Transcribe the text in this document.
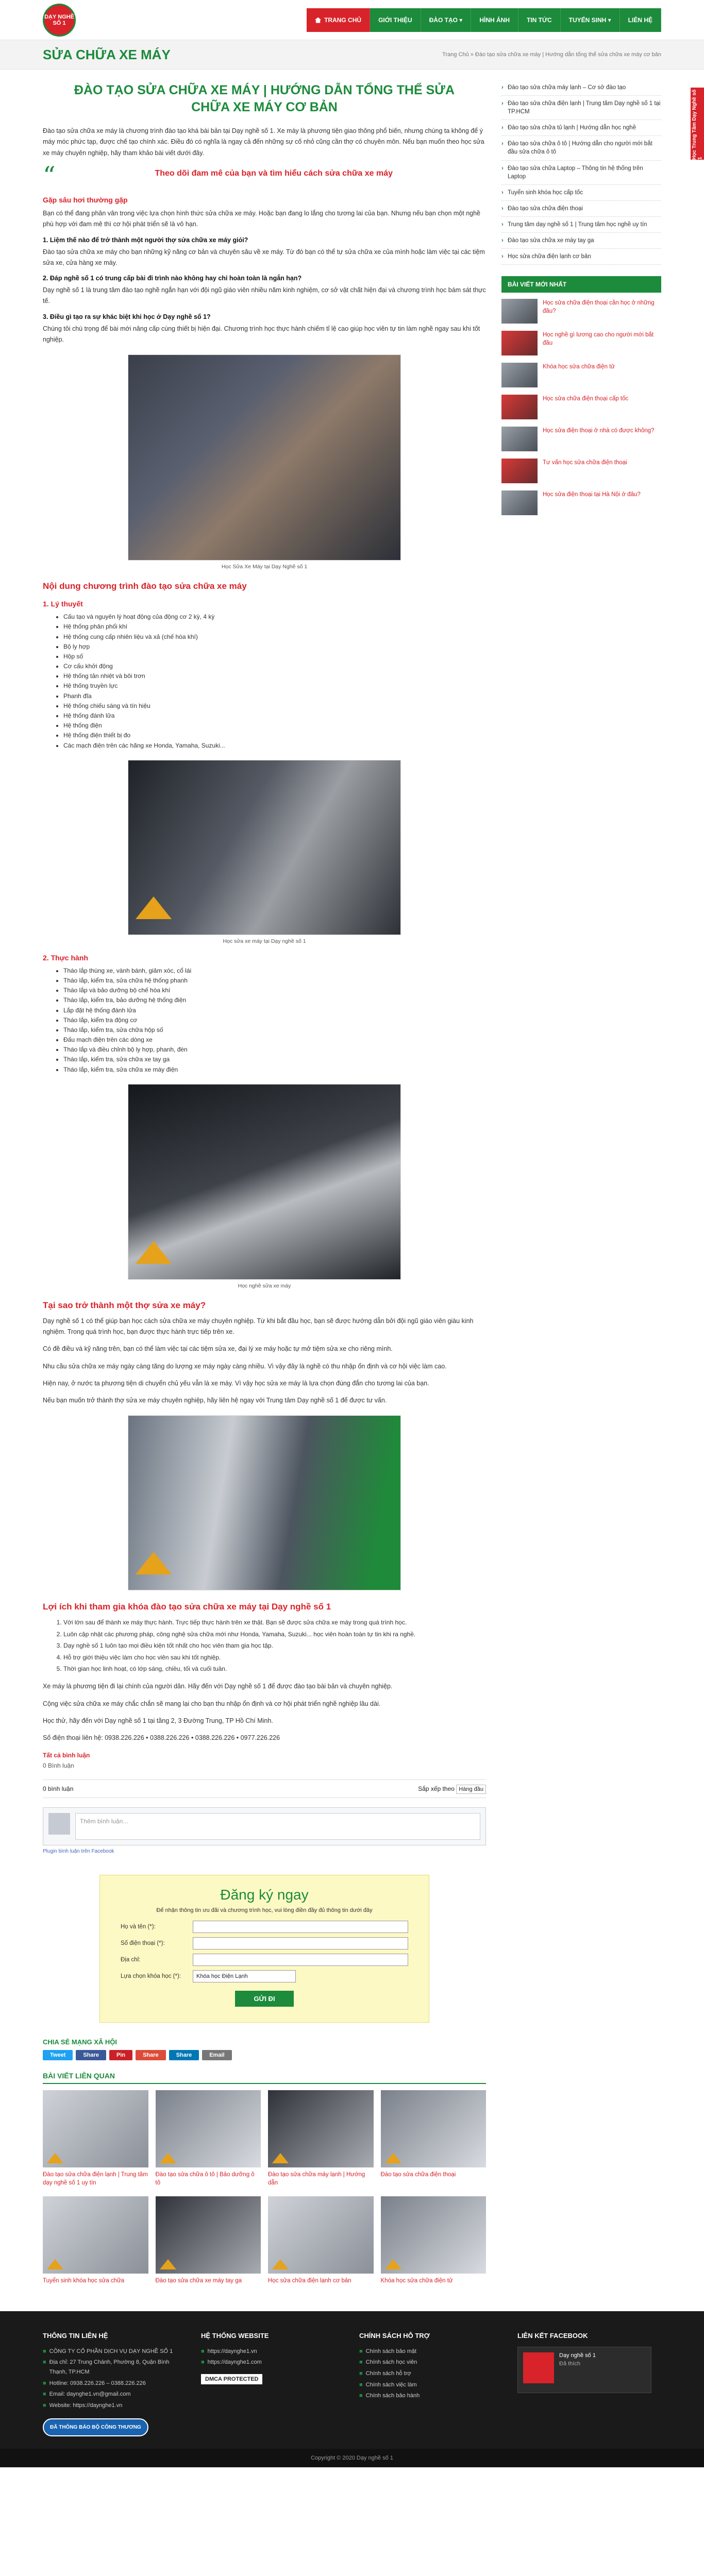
Học Trung Tâm Dạy Nghề số 1
DẠY NGHỀ SỐ 1	TRANG CHỦ	GIỚI THIỆU	ĐÀO TẠO ▾	HÌNH ẢNH	TIN TỨC	TUYỂN SINH ▾	LIÊN HỆ
SỬA CHỮA XE MÁY	Trang Chủ » Đào tạo sửa chữa xe máy | Hướng dẫn tổng thể sửa chữa xe máy cơ bản
ĐÀO TẠO SỬA CHỮA XE MÁY | HƯỚNG DẪN TỔNG THỂ SỬA CHỮA XE MÁY CƠ BẢN

Đào tạo sửa chữa xe máy là chương trình đào tạo khá bài bản tại Dạy nghề số 1. Xe máy là phương tiện giao thông phổ biến, nhưng chúng ta không để ý máy móc phức tạp, được chế tạo chính xác. Điều đó có nghĩa là ngay cả đến những sự cố nhỏ cũng cần thợ có chuyên môn. Nếu bạn muốn theo học sửa xe máy chuyên nghiệp, hãy tham khảo bài viết dưới đây.

“	Theo dõi đam mê của bạn và tìm hiểu cách sửa chữa xe máy
Gặp sâu hơi thường gặp

Bạn có thể đang phân vân trong việc lựa chọn hình thức sửa chữa xe máy. Hoặc bạn đang lo lắng cho tương lai của bạn. Nhưng nếu bạn chọn một nghề phù hợp với đam mê thì cơ hội phát triển sẽ là vô hạn.

1. Liệm thế nào để trở thành một người thợ sửa chữa xe máy giỏi?

Đào tạo sửa chữa xe máy cho bạn những kỹ năng cơ bản và chuyên sâu về xe máy. Từ đó bạn có thể tự sửa chữa xe của mình hoặc làm việc tại các tiệm sửa xe, cửa hàng xe máy.

2. Đáp nghề số 1 có trung cấp bài đi trình nào không hay chỉ hoàn toàn là ngắn hạn?

Dạy nghề số 1 là trung tâm đào tạo nghề ngắn hạn với đội ngũ giáo viên nhiều năm kinh nghiệm, cơ sở vật chất hiện đại và chương trình học bám sát thực tế.

3. Điều gì tạo ra sự khác biệt khi học ở Dạy nghề số 1?

Chúng tôi chú trọng để bài mới nâng cấp cùng thiết bị hiện đại. Chương trình học thực hành chiếm tỉ lệ cao giúp học viên tự tin làm nghề ngay sau khi tốt nghiệp.

Học Sửa Xe Máy tại Dạy Nghề số 1
Nội dung chương trình đào tạo sửa chữa xe máy
1. Lý thuyết
• Cấu tạo và nguyên lý hoạt động của động cơ 2 kỳ, 4 kỳ
• Hệ thống phân phối khí
• Hệ thống cung cấp nhiên liệu và xả (chế hòa khí)
• Bộ ly hợp
• Hộp số
• Cơ cấu khởi động
• Hệ thống tản nhiệt và bôi trơn
• Hệ thống truyền lực
• Phanh đĩa
• Hệ thống chiếu sáng và tín hiệu
• Hệ thống đánh lửa
• Hệ thống điện
• Hệ thống điện thiết bị đo
• Các mạch điện trên các hãng xe Honda, Yamaha, Suzuki...
Học sửa xe máy tại Dạy nghề số 1
2. Thực hành
• Tháo lắp thùng xe, vành bánh, giảm xóc, cổ lái
• Tháo lắp, kiểm tra, sửa chữa hệ thống phanh
• Tháo lắp và bảo dưỡng bộ chế hòa khí
• Tháo lắp, kiểm tra, bảo dưỡng hệ thống điện
• Lắp đặt hệ thống đánh lửa
• Tháo lắp, kiểm tra động cơ
• Tháo lắp, kiểm tra, sửa chữa hộp số
• Đấu mạch điện trên các dòng xe
• Tháo lắp và điều chỉnh bộ ly hợp, phanh, đèn
• Tháo lắp, kiểm tra, sửa chữa xe tay ga
• Tháo lắp, kiểm tra, sửa chữa xe máy điện
Học nghề sửa xe máy
Tại sao trở thành một thợ sửa xe máy?

Dạy nghề số 1 có thể giúp bạn học cách sửa chữa xe máy chuyên nghiệp. Từ khi bắt đầu học, bạn sẽ được hướng dẫn bởi đội ngũ giáo viên giàu kinh nghiệm. Trong quá trình học, bạn được thực hành trực tiếp trên xe.

Có đề điều và kỹ năng trên, bạn có thể làm việc tại các tiệm sửa xe, đại lý xe máy hoặc tự mở tiệm sửa xe cho riêng mình.

Nhu cầu sửa chữa xe máy ngày càng tăng do lượng xe máy ngày càng nhiều. Vì vậy đây là nghề có thu nhập ổn định và cơ hội việc làm cao.

Hiện nay, ở nước ta phương tiện di chuyển chủ yếu vẫn là xe máy. Vì vậy học sửa xe máy là lựa chọn đúng đắn cho tương lai của bạn.

Nếu bạn muốn trở thành thợ sửa xe máy chuyên nghiệp, hãy liên hệ ngay với Trung tâm Dạy nghề số 1 để được tư vấn.

Lợi ích khi tham gia khóa đào tạo sửa chữa xe máy tại Dạy nghề số 1
1. Với lớn sau để thành xe máy thực hành. Trực tiếp thực hành trên xe thật. Bạn sẽ được sửa chữa xe máy trong quá trình học.
2. Luôn cập nhật các phương pháp, công nghệ sửa chữa mới như Honda, Yamaha, Suzuki... học viên hoàn toàn tự tin khi ra nghề.
3. Dạy nghề số 1 luôn tạo mọi điều kiện tốt nhất cho học viên tham gia học tập.
4. Hỗ trợ giới thiệu việc làm cho học viên sau khi tốt nghiệp.
5. Thời gian học linh hoạt, có lớp sáng, chiều, tối và cuối tuần.

Xe máy là phương tiện đi lại chính của người dân. Hãy đến với Dạy nghề số 1 để được đào tạo bài bản và chuyên nghiệp.

Cộng việc sửa chữa xe máy chắc chắn sẽ mang lại cho bạn thu nhập ổn định và cơ hội phát triển nghề nghiệp lâu dài.

Học thử, hãy đến với Dạy nghề số 1 tại tầng 2, 3 Đường Trung, TP Hồ Chí Minh.

Số điện thoại liên hệ: 0938.226.226 • 0388.226.226 • 0388.226.226 • 0977.226.226

Tất cả bình luận
0 Bình luận
0 bình luận	Sắp xếp theo Hàng đầu
Thêm bình luận...
Plugin bình luận trên Facebook
Đăng ký ngay
Để nhận thông tin ưu đãi và chương trình học, vui lòng điền đầy đủ thông tin dưới đây
Họ và tên (*):
Số điện thoại (*):
Địa chỉ:
Lựa chọn khóa học (*):	Khóa học Điện Lạnh
GỬI ĐI
CHIA SẺ MẠNG XÃ HỘI
Tweet	Share	Pin	Share	Share	Email
BÀI VIẾT LIÊN QUAN
Đào tạo sửa chữa điện lạnh | Trung tâm dạy nghề số 1 uy tín
Đào tạo sửa chữa ô tô | Bảo dưỡng ô tô
Đào tạo sửa chữa máy lạnh | Hướng dẫn
Đào tạo sửa chữa điện thoại
Tuyển sinh khóa học sửa chữa	Đào tạo sửa chữa xe máy tay ga	Học sửa chữa điện lạnh cơ bản	Khóa học sửa chữa điện tử
› Đào tạo sửa chữa máy lạnh – Cơ sở đào tạo
› Đào tạo sửa chữa điện lạnh | Trung tâm Dạy nghề số 1 tại TP.HCM
› Đào tạo sửa chữa tủ lạnh | Hướng dẫn học nghề
› Đào tạo sửa chữa ô tô | Hướng dẫn cho người mới bắt đầu sửa chữa ô tô
› Đào tạo sửa chữa Laptop – Thông tin hệ thống trên Laptop
› Tuyển sinh khóa học cấp tốc
› Đào tạo sửa chữa điện thoại
› Trung tâm dạy nghề số 1 | Trung tâm học nghề uy tín
› Đào tạo sửa chữa xe máy tay ga
› Học sửa chữa điện lạnh cơ bản
BÀI VIẾT MỚI NHẤT
Học sửa chữa điện thoại cần học ở những đâu?
Học nghề gì lương cao cho người mới bắt đầu
Khóa học sửa chữa điện tử
Học sửa chữa điện thoại cấp tốc
Học sửa điện thoại ở nhà có được không?
Tư vấn học sửa chữa điện thoại
Học sửa điện thoại tại Hà Nội ở đâu?
THÔNG TIN LIÊN HỆ
■ CÔNG TY CỔ PHẦN DỊCH VỤ DẠY NGHỀ SỐ 1
■ Địa chỉ: 27 Trung Chánh, Phường 8, Quận Bình Thạnh, TP.HCM
■ Hotline: 0938.226.226 – 0388.226.226
■ Email: daynghe1.vn@gmail.com
■ Website: https://daynghe1.vn
ĐÃ THÔNG BÁO BỘ CÔNG THƯƠNG
HỆ THỐNG WEBSITE
■ https://daynghe1.vn
■ https://daynghe1.com
DMCA PROTECTED
CHÍNH SÁCH HỖ TRỢ
■ Chính sách bảo mật
■ Chính sách học viên
■ Chính sách hỗ trợ
■ Chính sách việc làm
■ Chính sách bảo hành
LIÊN KẾT FACEBOOK
Dạy nghề số 1
Đã thích
Copyright © 2020 Dạy nghề số 1
